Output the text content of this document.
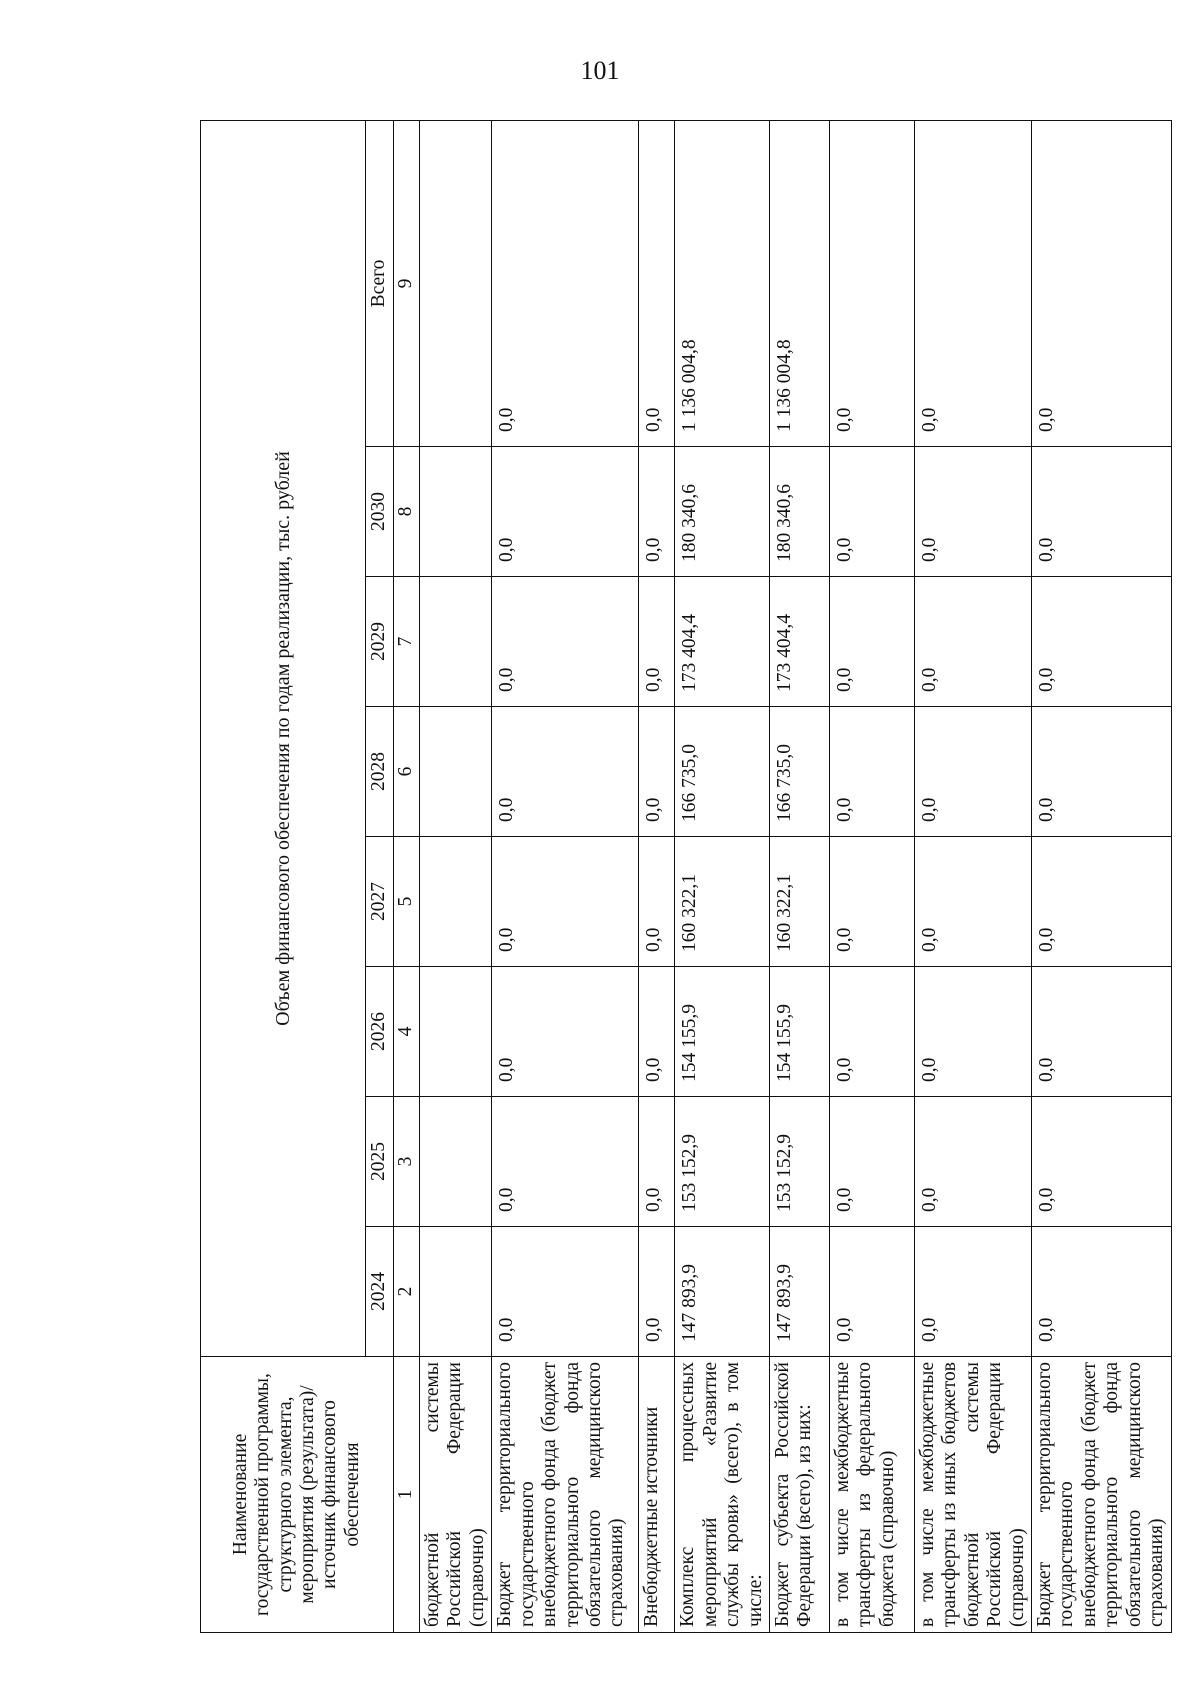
101
Наименование государственной программы, структурного элемента, мероприятия (результата)/источник финансового обеспечения	Объем финансового обеспечения по годам реализации, тыс. рублей							
	2024	2025	2026	2027	2028	2029	2030	Всего
1	2	3	4	5	6	7	8	9
бюджетной системы Российской Федерации (справочно)								
Бюджет территориального государственного внебюджетного фонда (бюджет территориального фонда обязательного медицинского страхования)	0,0	0,0	0,0	0,0	0,0	0,0	0,0	0,0
Внебюджетные источники	0,0	0,0	0,0	0,0	0,0	0,0	0,0	0,0
Комплекс процессных мероприятий «Развитие службы крови» (всего), в том числе:	147 893,9	153 152,9	154 155,9	160 322,1	166 735,0	173 404,4	180 340,6	1 136 004,8
Бюджет субъекта Российской Федерации (всего), из них:	147 893,9	153 152,9	154 155,9	160 322,1	166 735,0	173 404,4	180 340,6	1 136 004,8
в том числе межбюджетные трансферты из федерального бюджета (справочно)	0,0	0,0	0,0	0,0	0,0	0,0	0,0	0,0
в том числе межбюджетные трансферты из иных бюджетов бюджетной системы Российской Федерации (справочно)	0,0	0,0	0,0	0,0	0,0	0,0	0,0	0,0
Бюджет территориального государственного внебюджетного фонда (бюджет территориального фонда обязательного медицинского страхования)	0,0	0,0	0,0	0,0	0,0	0,0	0,0	0,0
